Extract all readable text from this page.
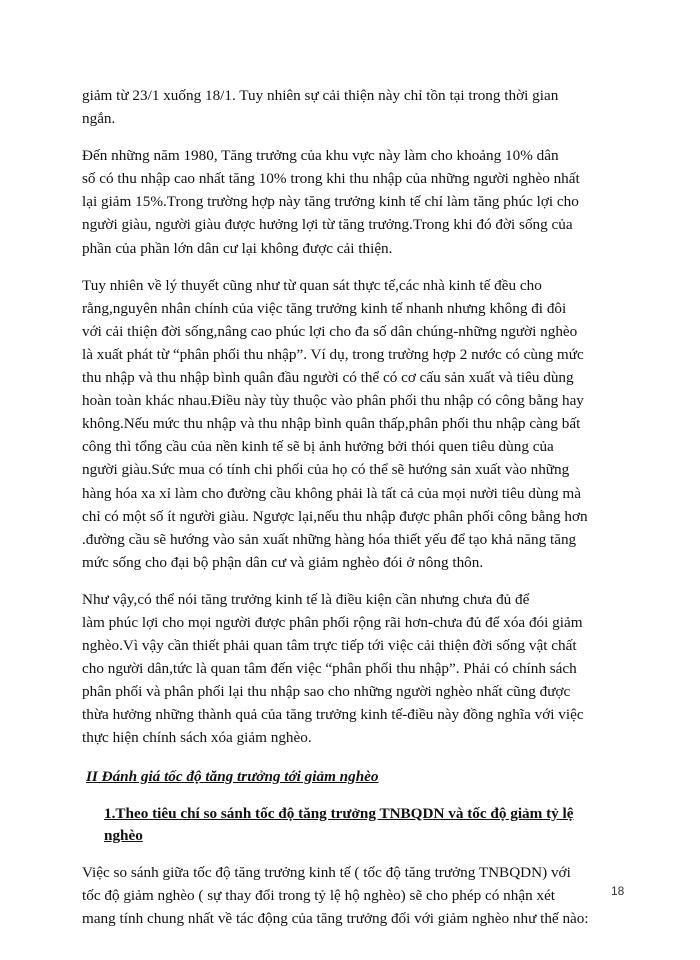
giảm từ 23/1 xuống 18/1. Tuy nhiên sự cải thiện này chỉ tồn tại trong thời gian
ngắn.

Đến những năm 1980, Tăng trưởng của khu vực này làm cho khoảng 10% dân
số có thu nhập cao nhất tăng 10% trong khi thu nhập của những người nghèo nhất
lại giảm 15%.Trong trường hợp này tăng trưởng kinh tế chỉ làm tăng phúc lợi cho
người giàu, người giàu được hưởng lợi từ tăng trưởng.Trong khi đó đời sống của
phần của phần lớn dân cư lại không được cải thiện.

Tuy nhiên về lý thuyết cũng như từ quan sát thực tế,các nhà kinh tế đều cho
rằng,nguyên nhân chính của việc tăng trưởng kinh tế nhanh nhưng không đi đôi
với cải thiện đời sống,nâng cao phúc lợi cho đa số dân chúng-những người nghèo
là xuất phát từ “phân phối thu nhập”. Ví dụ, trong trường hợp 2 nước có cùng mức
thu nhập và thu nhập bình quân đầu người có thể có cơ cấu sản xuất và tiêu dùng
hoàn toàn khác nhau.Điều này tùy thuộc vào phân phối thu nhập có công bằng hay
không.Nếu mức thu nhập và thu nhập bình quân thấp,phân phối thu nhập càng bất
công thì tổng cầu của nền kinh tế sẽ bị ảnh hưởng bởi thói quen tiêu dùng của
người giàu.Sức mua có tính chi phối của họ có thể sẽ hướng sản xuất vào những
hàng hóa xa xỉ làm cho đường cầu không phải là tất cả của mọi nười tiêu dùng mà
chỉ có một số ít người giàu. Ngược lại,nếu thu nhập được phân phối công bằng hơn
.đường cầu sẽ hướng vào sản xuất những hàng hóa thiết yếu để tạo khả năng tăng
mức sống cho đại bộ phận dân cư và giảm nghèo đói ở nông thôn.

Như vậy,có thể nói tăng trưởng kinh tế là điều kiện cần nhưng chưa đủ để
làm phúc lợi cho mọi người được phân phối rộng rãi hơn-chưa đủ để xóa đói giảm
nghèo.Vì vậy cần thiết phải quan tâm trực tiếp tới việc cải thiện đời sống vật chất
cho người dân,tức là quan tâm đến việc “phân phối thu nhập”. Phải có chính sách
phân phối và phân phối lại thu nhập sao cho những người nghèo nhất cũng được
thừa hưởng những thành quả của tăng trưởng kinh tế-điều này đồng nghĩa với việc
thực hiện chính sách xóa giảm nghèo.

II Đánh giá tốc độ tăng trưởng tới giảm nghèo

1.Theo tiêu chí so sánh tốc độ tăng trưởng TNBQDN và tốc độ giảm tỷ lệ
nghèo

Việc so sánh giữa tốc độ tăng trưởng kinh tế ( tốc độ tăng trưởng TNBQDN) với
tốc độ giảm nghèo ( sự thay đổi trong tỷ lệ hộ nghèo) sẽ cho phép có nhận xét
mang tính chung nhất về tác động của tăng trưởng đối với giảm nghèo như thế nào:

18
